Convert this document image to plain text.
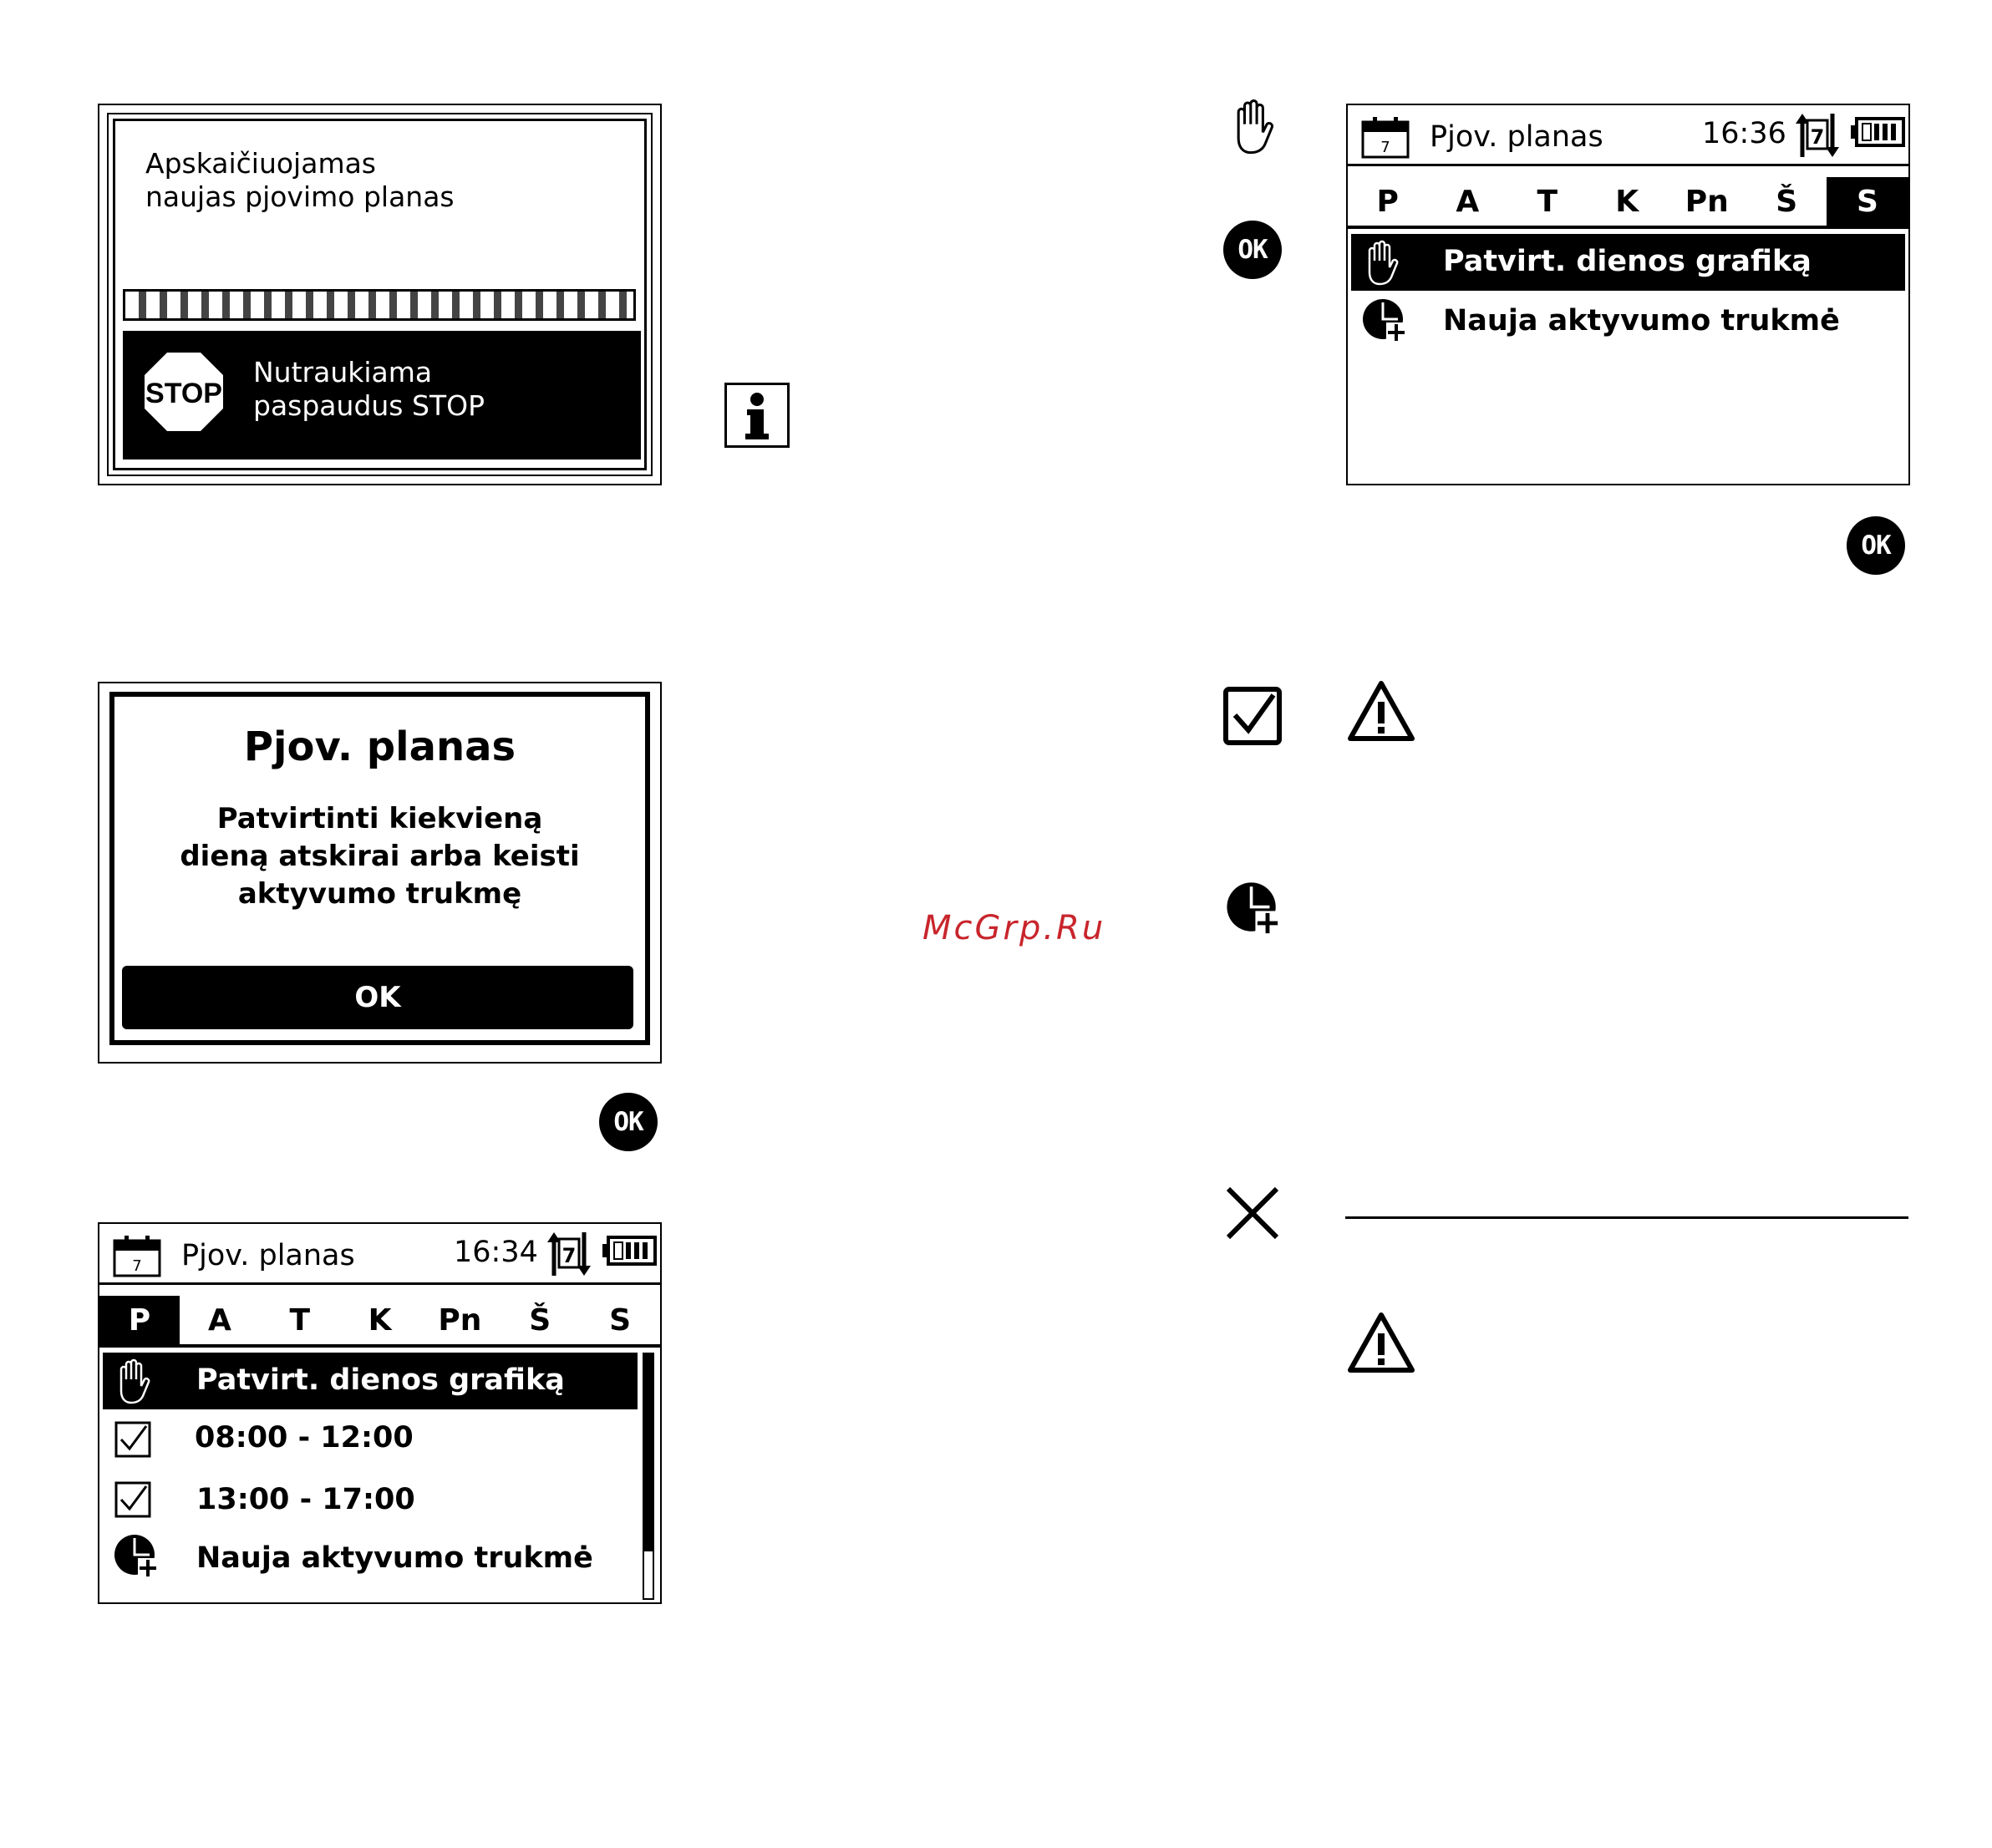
Apskaičiuojamas
naujas pjovimo planas
STOP
Nutraukiama
paspaudus STOP
Pjov. planas
Patvirtinti kiekvieną
dieną atskirai arba keisti
aktyvumo trukmę
OK
OK
OK
OK
7 Pjov. planas	16:34 7
P	A	T	K	Pn	Š	S
Patvirt. dienos grafiką
08:00 - 12:00
13:00 - 17:00
Nauja aktyvumo trukmė
7 Pjov. planas	16:36 7
P	A	T	K	Pn	Š	S
Patvirt. dienos grafiką
Nauja aktyvumo trukmė
McGrp.Ru
